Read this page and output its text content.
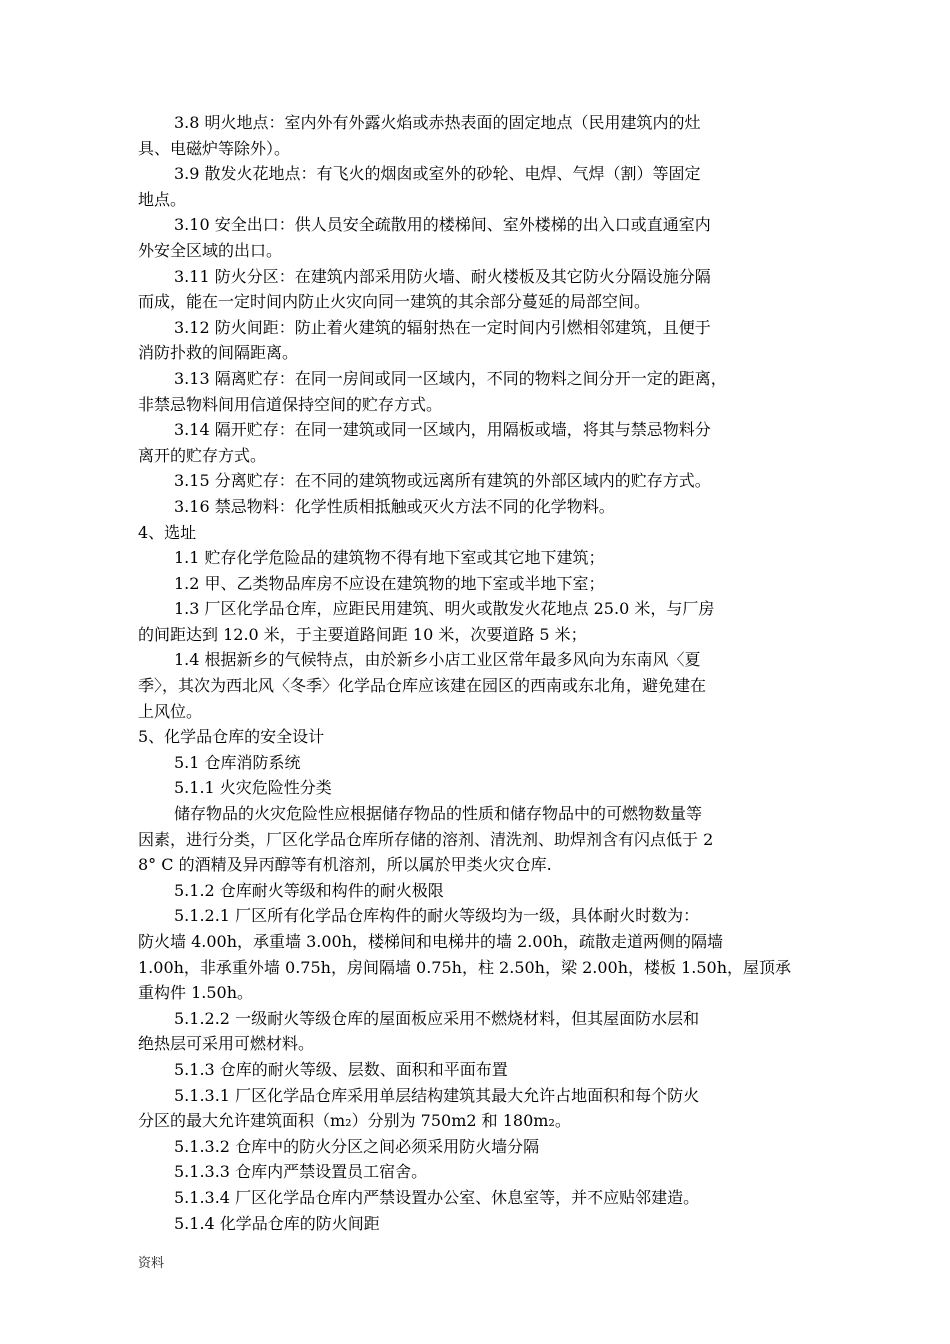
3.8 明火地点：室内外有外露火焰或赤热表面的固定地点（民用建筑内的灶
具、电磁炉等除外）。
3.9 散发火花地点：有飞火的烟囱或室外的砂轮、电焊、气焊（割）等固定
地点。
3.10 安全出口：供人员安全疏散用的楼梯间、室外楼梯的出入口或直通室内
外安全区域的出口。
3.11 防火分区：在建筑内部采用防火墙、耐火楼板及其它防火分隔设施分隔
而成，能在一定时间内防止火灾向同一建筑的其余部分蔓延的局部空间。
3.12 防火间距：防止着火建筑的辐射热在一定时间内引燃相邻建筑，且便于
消防扑救的间隔距离。
3.13 隔离贮存：在同一房间或同一区域内，不同的物料之间分开一定的距离，
非禁忌物料间用信道保持空间的贮存方式。
3.14 隔开贮存：在同一建筑或同一区域内，用隔板或墙，将其与禁忌物料分
离开的贮存方式。
3.15 分离贮存：在不同的建筑物或远离所有建筑的外部区域内的贮存方式。
3.16 禁忌物料：化学性质相抵触或灭火方法不同的化学物料。
4、选址
1.1 贮存化学危险品的建筑物不得有地下室或其它地下建筑；
1.2 甲、乙类物品库房不应设在建筑物的地下室或半地下室；
1.3 厂区化学品仓库，应距民用建筑、明火或散发火花地点 25.0 米，与厂房
的间距达到 12.0 米，于主要道路间距 10 米，次要道路 5 米；
1.4 根据新乡的气候特点，由於新乡小店工业区常年最多风向为东南风〈夏
季〉，其次为西北风〈冬季〉化学品仓库应该建在园区的西南或东北角，避免建在
上风位。
5、化学品仓库的安全设计
5.1 仓库消防系统
5.1.1 火灾危险性分类
储存物品的火灾危险性应根据储存物品的性质和储存物品中的可燃物数量等
因素，进行分类，厂区化学品仓库所存储的溶剂、清洗剂、助焊剂含有闪点低于 2
8° C 的酒精及异丙醇等有机溶剂，所以属於甲类火灾仓库.
5.1.2 仓库耐火等级和构件的耐火极限
5.1.2.1 厂区所有化学品仓库构件的耐火等级均为一级，具体耐火时数为：
防火墙 4.00h，承重墙 3.00h，楼梯间和电梯井的墙 2.00h，疏散走道两侧的隔墙
1.00h，非承重外墙 0.75h，房间隔墙 0.75h，柱 2.50h，梁 2.00h，楼板 1.50h，屋顶承
重构件 1.50h。
5.1.2.2 一级耐火等级仓库的屋面板应采用不燃烧材料，但其屋面防水层和
绝热层可采用可燃材料。
5.1.3 仓库的耐火等级、层数、面积和平面布置
5.1.3.1 厂区化学品仓库采用单层结构建筑其最大允许占地面积和每个防火
分区的最大允许建筑面积（m₂）分别为 750m2 和 180m₂。
5.1.3.2 仓库中的防火分区之间必须采用防火墙分隔
5.1.3.3 仓库内严禁设置员工宿舍。
5.1.3.4 厂区化学品仓库内严禁设置办公室、休息室等，并不应贴邻建造。
5.1.4 化学品仓库的防火间距
资料
